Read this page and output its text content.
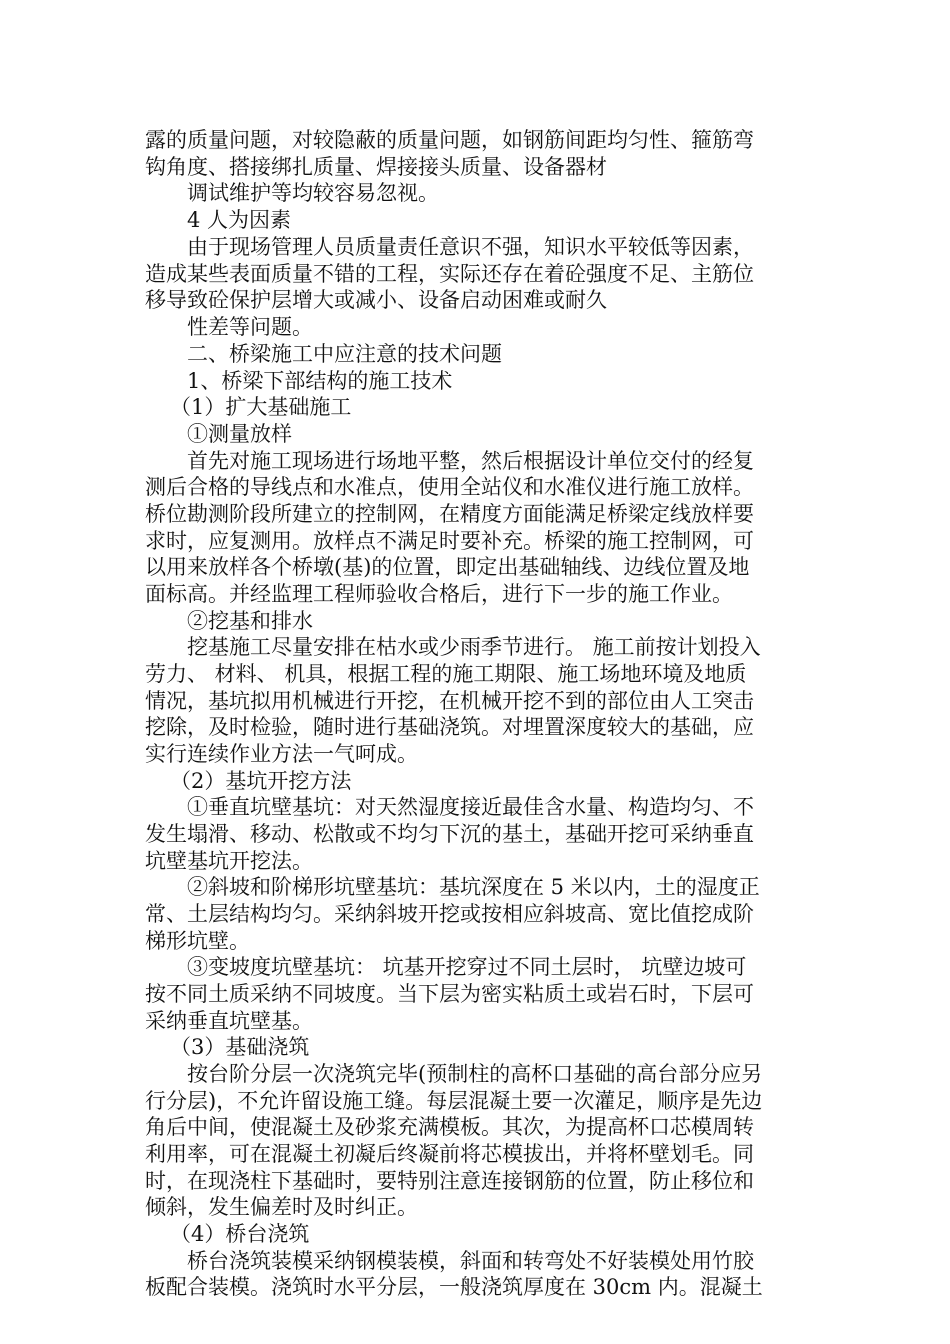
露的质量问题，对较隐蔽的质量问题，如钢筋间距均匀性、箍筋弯
钩角度、搭接绑扎质量、焊接接头质量、设备器材
调试维护等均较容易忽视。
4 人为因素
由于现场管理人员质量责任意识不强，知识水平较低等因素，
造成某些表面质量不错的工程，实际还存在着砼强度不足、主筋位
移导致砼保护层增大或减小、设备启动困难或耐久
性差等问题。
二、桥梁施工中应注意的技术问题
1、桥梁下部结构的施工技术
（1）扩大基础施工
①测量放样
首先对施工现场进行场地平整，然后根据设计单位交付的经复
测后合格的导线点和水准点，使用全站仪和水准仪进行施工放样。
桥位勘测阶段所建立的控制网，在精度方面能满足桥梁定线放样要
求时，应复测用。放样点不满足时要补充。桥梁的施工控制网，可
以用来放样各个桥墩(基)的位置，即定出基础轴线、边线位置及地
面标高。并经监理工程师验收合格后，进行下一步的施工作业。
②挖基和排水
挖基施工尽量安排在枯水或少雨季节进行。 施工前按计划投入
劳力、 材料、 机具，根据工程的施工期限、施工场地环境及地质
情况，基坑拟用机械进行开挖，在机械开挖不到的部位由人工突击
挖除，及时检验，随时进行基础浇筑。对埋置深度较大的基础，应
实行连续作业方法一气呵成。
（2）基坑开挖方法
①垂直坑壁基坑：对天然湿度接近最佳含水量、构造均匀、不
发生塌滑、移动、松散或不均匀下沉的基土，基础开挖可采纳垂直
坑壁基坑开挖法。
②斜坡和阶梯形坑壁基坑：基坑深度在 5 米以内，土的湿度正
常、土层结构均匀。采纳斜坡开挖或按相应斜坡高、宽比值挖成阶
梯形坑壁。
③变坡度坑壁基坑： 坑基开挖穿过不同土层时， 坑壁边坡可
按不同土质采纳不同坡度。当下层为密实粘质土或岩石时，下层可
采纳垂直坑壁基。
（3）基础浇筑
按台阶分层一次浇筑完毕(预制柱的高杯口基础的高台部分应另
行分层)，不允许留设施工缝。每层混凝土要一次灌足，顺序是先边
角后中间，使混凝土及砂浆充满模板。其次，为提高杯口芯模周转
利用率，可在混凝土初凝后终凝前将芯模拔出，并将杯壁划毛。同
时，在现浇柱下基础时，要特别注意连接钢筋的位置，防止移位和
倾斜，发生偏差时及时纠正。
（4）桥台浇筑
桥台浇筑装模采纳钢模装模，斜面和转弯处不好装模处用竹胶
板配合装模。浇筑时水平分层，一般浇筑厚度在 30cm 内。混凝土
